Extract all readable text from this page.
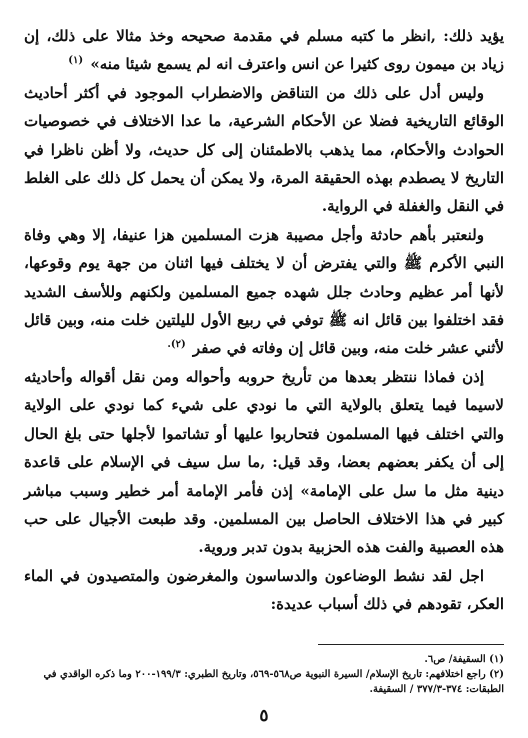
يؤيد ذلك: ,انظر ما كتبه مسلم في مقدمة صحيحه وخذ مثالا على ذلك، إن زياد بن ميمون روى كثيرا عن انس واعترف انه لم يسمع شيئا منه» $^{(١)}$

وليس أدل على ذلك من التناقض والاضطراب الموجود في أكثر أحاديث الوقائع التاريخية فضلا عن الأحكام الشرعية، ما عدا الاختلاف في خصوصيات الحوادث والأحكام، مما يذهب بالاطمئنان إلى كل حديث، ولا أظن ناظرا في التاريخ لا يصطدم بهذه الحقيقة المرة، ولا يمكن أن يحمل كل ذلك على الغلط في النقل والغفلة في الرواية.

ولنعتبر بأهم حادثة وأجل مصيبة هزت المسلمين هزا عنيفا، إلا وهي وفاة النبي الأكرم ﷺ والتي يفترض أن لا يختلف فيها اثنان من جهة يوم وقوعها، لأنها أمر عظيم وحادث جلل شهده جميع المسلمين ولكنهم وللأسف الشديد فقد اختلفوا بين قائل انه ﷺ توفي في ربيع الأول لليلتين خلت منه، وبين قائل لأثني عشر خلت منه، وبين قائل إن وفاته في صفر $^{(٢).}$

إذن فماذا ننتظر بعدها من تأريخ حروبه وأحواله ومن نقل أقواله وأحاديثه لاسيما فيما يتعلق بالولاية التي ما نودي على شيء كما نودي على الولاية والتي اختلف فيها المسلمون فتحاربوا عليها أو تشاتموا لأجلها حتى بلغ الحال إلى أن يكفر بعضهم بعضا، وقد قيل: ,ما سل سيف في الإسلام على قاعدة دينية مثل ما سل على الإمامة» إذن فأمر الإمامة أمر خطير وسبب مباشر كبير في هذا الاختلاف الحاصل بين المسلمين. وقد طبعت الأجيال على حب هذه العصبية والفت هذه الحزبية بدون تدبر وروية.

اجل لقد نشط الوضاعون والدساسون والمغرضون والمتصيدون في الماء العكر، تقودهم في ذلك أسباب عديدة:

(١) السقيفة/ ص٦.

(٢) راجع اختلافهم: تاريخ الإسلام/ السيرة النبوية ص٥٦٨-٥٦٩، وتاريخ الطبري: ١٩٩/٣-٢٠٠ وما ذكره الواقدي في الطبقات: ٣٧٤-٣٧٧/٣ / السقيفة.

٥
